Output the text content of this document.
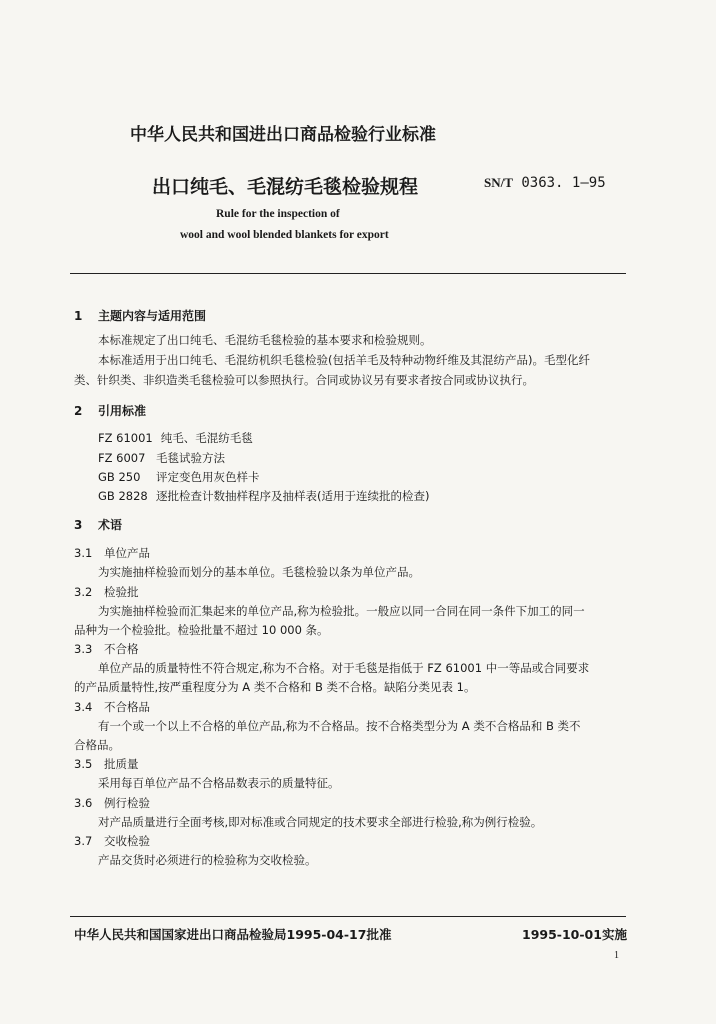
中华人民共和国进出口商品检验行业标准
出口纯毛、毛混纺毛毯检验规程	SN/T 0363. 1—95
Rule for the inspection of
wool and wool blended blankets for export
1 主题内容与适用范围
本标准规定了出口纯毛、毛混纺毛毯检验的基本要求和检验规则。
本标准适用于出口纯毛、毛混纺机织毛毯检验(包括羊毛及特种动物纤维及其混纺产品)。毛型化纤
类、针织类、非织造类毛毯检验可以参照执行。合同或协议另有要求者按合同或协议执行。
2 引用标准
FZ 61001 纯毛、毛混纺毛毯
FZ 6007 毛毯试验方法
GB 250 评定变色用灰色样卡
GB 2828 逐批检查计数抽样程序及抽样表(适用于连续批的检查)
3 术语
3.1 单位产品
为实施抽样检验而划分的基本单位。毛毯检验以条为单位产品。
3.2 检验批
为实施抽样检验而汇集起来的单位产品,称为检验批。一般应以同一合同在同一条件下加工的同一
品种为一个检验批。检验批量不超过 10 000 条。
3.3 不合格
单位产品的质量特性不符合规定,称为不合格。对于毛毯是指低于 FZ 61001 中一等品或合同要求
的产品质量特性,按严重程度分为 A 类不合格和 B 类不合格。缺陷分类见表 1。
3.4 不合格品
有一个或一个以上不合格的单位产品,称为不合格品。按不合格类型分为 A 类不合格品和 B 类不
合格品。
3.5 批质量
采用每百单位产品不合格品数表示的质量特征。
3.6 例行检验
对产品质量进行全面考核,即对标准或合同规定的技术要求全部进行检验,称为例行检验。
3.7 交收检验
产品交货时必须进行的检验称为交收检验。
中华人民共和国国家进出口商品检验局1995-04-17批准	1995-10-01实施
1
